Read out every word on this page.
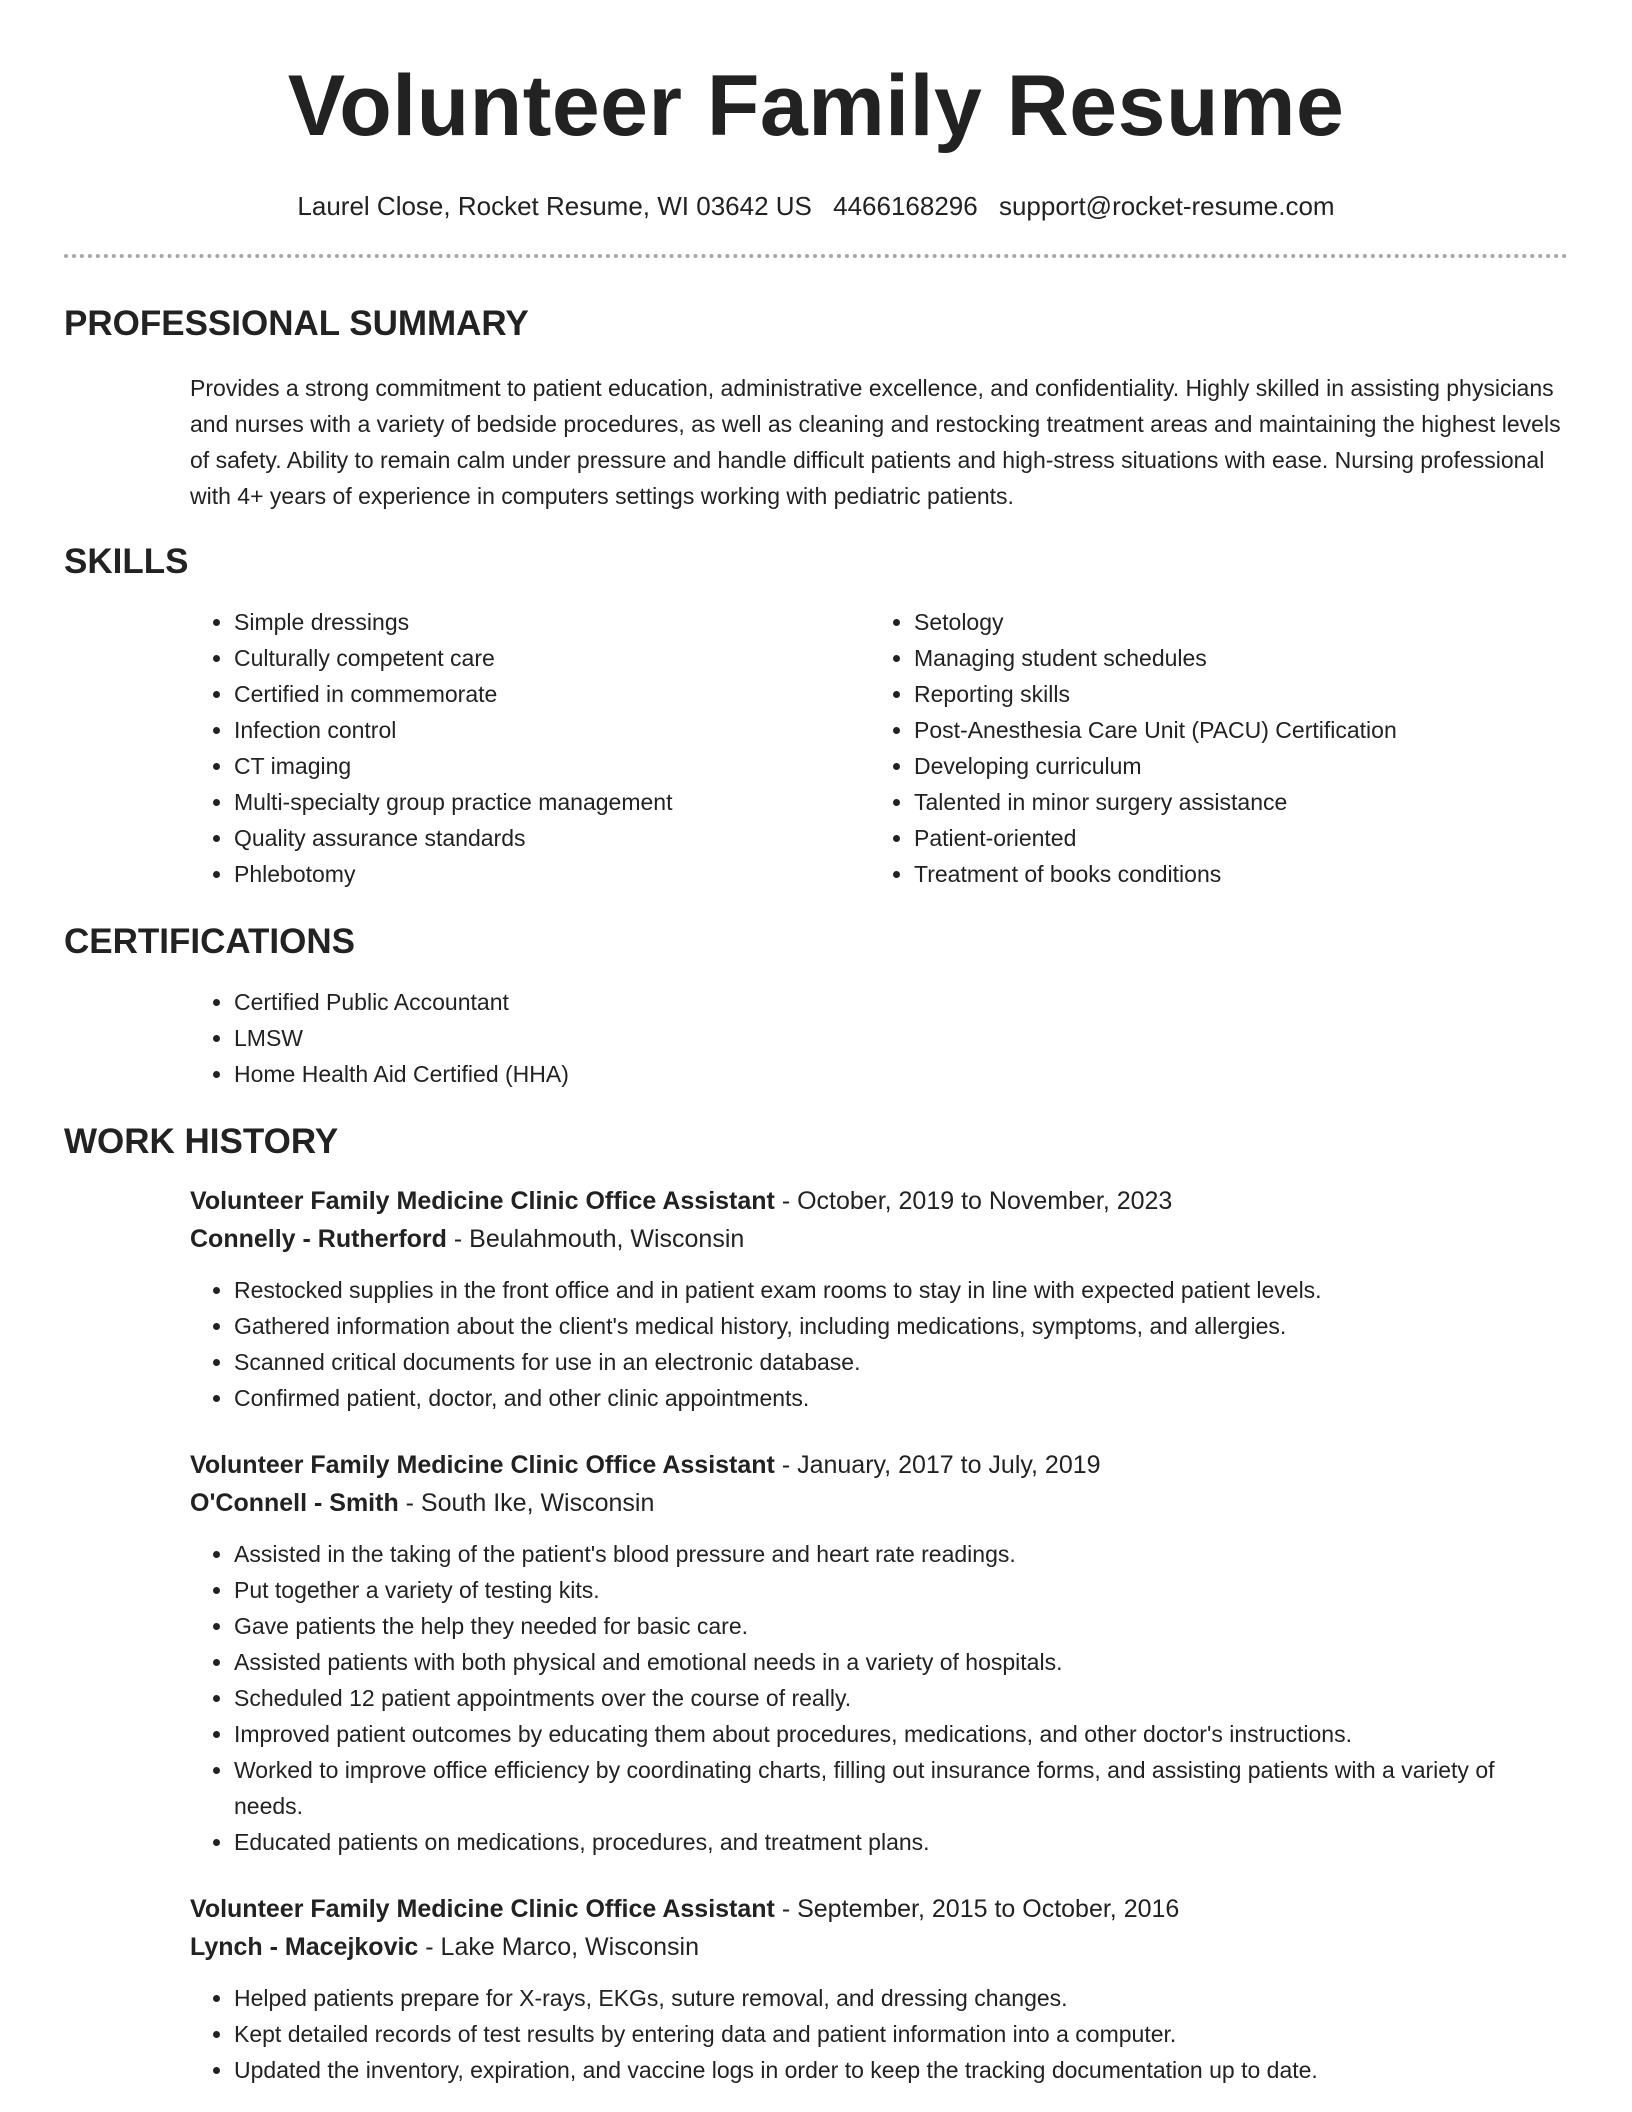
Volunteer Family Resume
Laurel Close, Rocket Resume, WI 03642 US 4466168296 support@rocket-resume.com
PROFESSIONAL SUMMARY

Provides a strong commitment to patient education, administrative excellence, and confidentiality. Highly skilled in assisting physicians and nurses with a variety of bedside procedures, as well as cleaning and restocking treatment areas and maintaining the highest levels of safety. Ability to remain calm under pressure and handle difficult patients and high-stress situations with ease. Nursing professional with 4+ years of experience in computers settings working with pediatric patients.

SKILLS
• Simple dressings
• Culturally competent care
• Certified in commemorate
• Infection control
• CT imaging
• Multi-specialty group practice management
• Quality assurance standards
• Phlebotomy
• Setology
• Managing student schedules
• Reporting skills
• Post-Anesthesia Care Unit (PACU) Certification
• Developing curriculum
• Talented in minor surgery assistance
• Patient-oriented
• Treatment of books conditions
CERTIFICATIONS
• Certified Public Accountant
• LMSW
• Home Health Aid Certified (HHA)
WORK HISTORY

Volunteer Family Medicine Clinic Office Assistant - October, 2019 to November, 2023

Connelly - Rutherford - Beulahmouth, Wisconsin

• Restocked supplies in the front office and in patient exam rooms to stay in line with expected patient levels.
• Gathered information about the client's medical history, including medications, symptoms, and allergies.
• Scanned critical documents for use in an electronic database.
• Confirmed patient, doctor, and other clinic appointments.

Volunteer Family Medicine Clinic Office Assistant - January, 2017 to July, 2019

O'Connell - Smith - South Ike, Wisconsin

• Assisted in the taking of the patient's blood pressure and heart rate readings.
• Put together a variety of testing kits.
• Gave patients the help they needed for basic care.
• Assisted patients with both physical and emotional needs in a variety of hospitals.
• Scheduled 12 patient appointments over the course of really.
• Improved patient outcomes by educating them about procedures, medications, and other doctor's instructions.
• Worked to improve office efficiency by coordinating charts, filling out insurance forms, and assisting patients with a variety of needs.
• Educated patients on medications, procedures, and treatment plans.

Volunteer Family Medicine Clinic Office Assistant - September, 2015 to October, 2016

Lynch - Macejkovic - Lake Marco, Wisconsin

• Helped patients prepare for X-rays, EKGs, suture removal, and dressing changes.
• Kept detailed records of test results by entering data and patient information into a computer.
• Updated the inventory, expiration, and vaccine logs in order to keep the tracking documentation up to date.
